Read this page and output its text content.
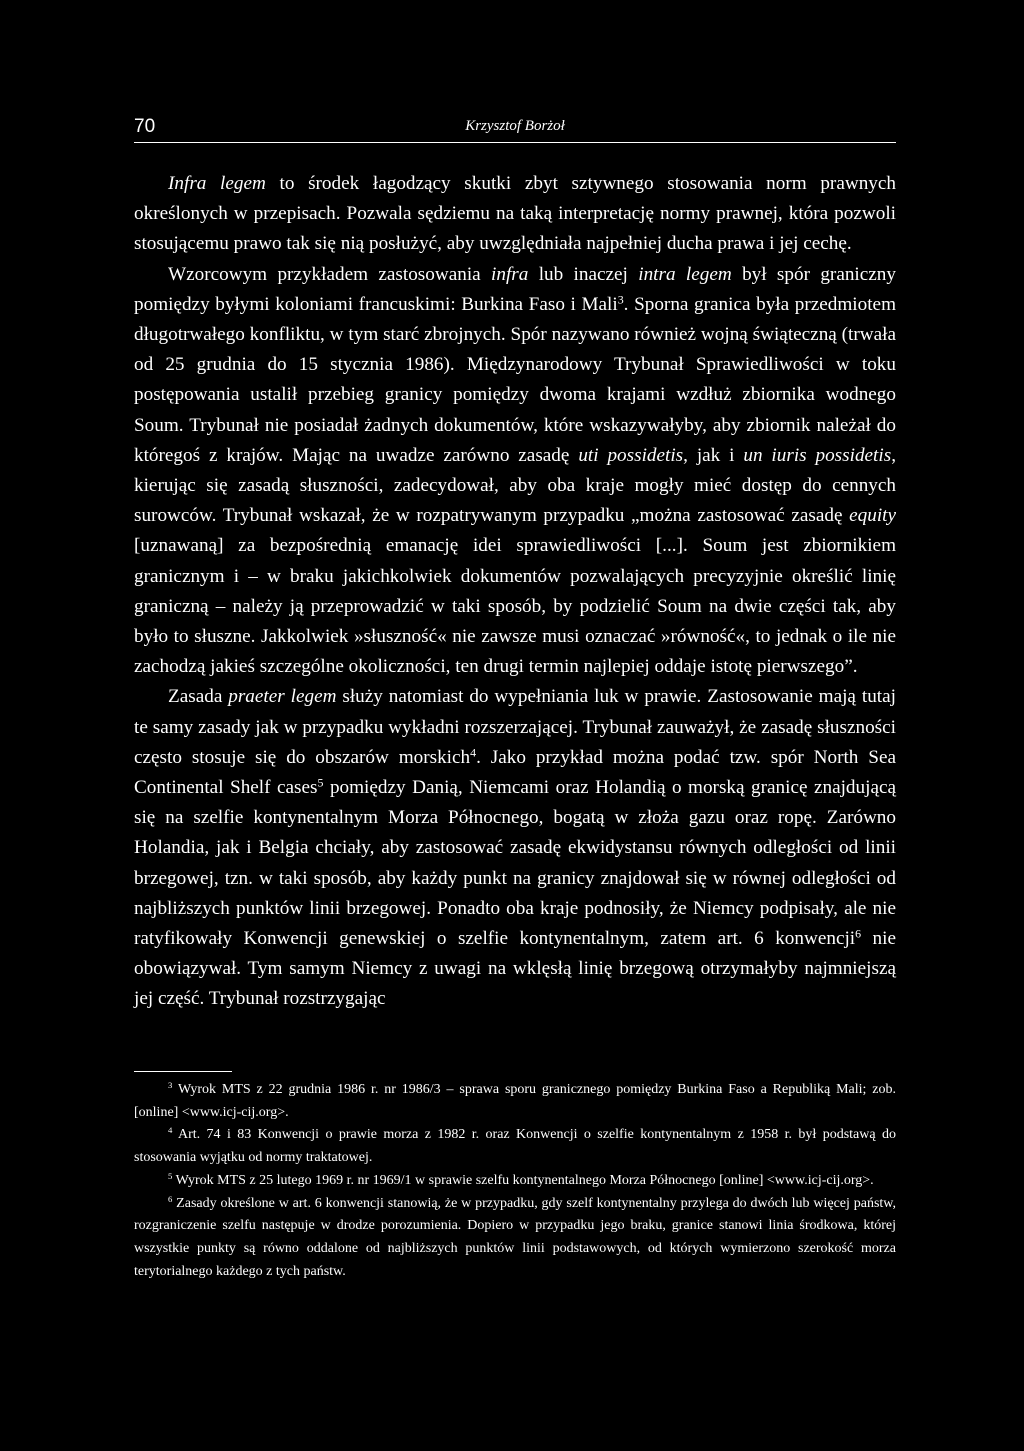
70	Krzysztof Borżoł

Infra legem to środek łagodzący skutki zbyt sztywnego stosowania norm prawnych określonych w przepisach. Pozwala sędziemu na taką interpretację normy prawnej, która pozwoli stosującemu prawo tak się nią posłużyć, aby uwzględniała najpełniej ducha prawa i jej cechę.

Wzorcowym przykładem zastosowania infra lub inaczej intra legem był spór graniczny pomiędzy byłymi koloniami francuskimi: Burkina Faso i Mali$^3$. Sporna granica była przedmiotem długotrwałego konfliktu, w tym starć zbrojnych. Spór nazywano również wojną świąteczną (trwała od 25 grudnia do 15 stycznia 1986). Międzynarodowy Trybunał Sprawiedliwości w toku postępowania ustalił przebieg granicy pomiędzy dwoma krajami wzdłuż zbiornika wodnego Soum. Trybunał nie posiadał żadnych dokumentów, które wskazywałyby, aby zbiornik należał do któregoś z krajów. Mając na uwadze zarówno zasadę uti possidetis, jak i un iuris possidetis, kierując się zasadą słuszności, zadecydował, aby oba kraje mogły mieć dostęp do cennych surowców. Trybunał wskazał, że w rozpatrywanym przypadku „można zastosować zasadę equity [uznawaną] za bezpośrednią emanację idei sprawiedliwości [...]. Soum jest zbiornikiem granicznym i – w braku jakichkolwiek dokumentów pozwalających precyzyjnie określić linię graniczną – należy ją przeprowadzić w taki sposób, by podzielić Soum na dwie części tak, aby było to słuszne. Jakkolwiek »słuszność« nie zawsze musi oznaczać »równość«, to jednak o ile nie zachodzą jakieś szczególne okoliczności, ten drugi termin najlepiej oddaje istotę pierwszego”.

Zasada praeter legem służy natomiast do wypełniania luk w prawie. Zastosowanie mają tutaj te samy zasady jak w przypadku wykładni rozszerzającej. Trybunał zauważył, że zasadę słuszności często stosuje się do obszarów morskich$^4$. Jako przykład można podać tzw. spór North Sea Continental Shelf cases$^5$ pomiędzy Danią, Niemcami oraz Holandią o morską granicę znajdującą się na szelfie kontynentalnym Morza Północnego, bogatą w złoża gazu oraz ropę. Zarówno Holandia, jak i Belgia chciały, aby zastosować zasadę ekwidystansu równych odległości od linii brzegowej, tzn. w taki sposób, aby każdy punkt na granicy znajdował się w równej odległości od najbliższych punktów linii brzegowej. Ponadto oba kraje podnosiły, że Niemcy podpisały, ale nie ratyfikowały Konwencji genewskiej o szelfie kontynentalnym, zatem art. 6 konwencji$^6$ nie obowiązywał. Tym samym Niemcy z uwagi na wklęsłą linię brzegową otrzymałyby najmniejszą jej część. Trybunał rozstrzygając

$^3$ Wyrok MTS z 22 grudnia 1986 r. nr 1986/3 – sprawa sporu granicznego pomiędzy Burkina Faso a Republiką Mali; zob. [online] <www.icj-cij.org>.

$^4$ Art. 74 i 83 Konwencji o prawie morza z 1982 r. oraz Konwencji o szelfie kontynentalnym z 1958 r. był podstawą do stosowania wyjątku od normy traktatowej.

$^5$ Wyrok MTS z 25 lutego 1969 r. nr 1969/1 w sprawie szelfu kontynentalnego Morza Północnego [online] <www.icj-cij.org>.

$^6$ Zasady określone w art. 6 konwencji stanowią, że w przypadku, gdy szelf kontynentalny przylega do dwóch lub więcej państw, rozgraniczenie szelfu następuje w drodze porozumienia. Dopiero w przypadku jego braku, granice stanowi linia środkowa, której wszystkie punkty są równo oddalone od najbliższych punktów linii podstawowych, od których wymierzono szerokość morza terytorialnego każdego z tych państw.
